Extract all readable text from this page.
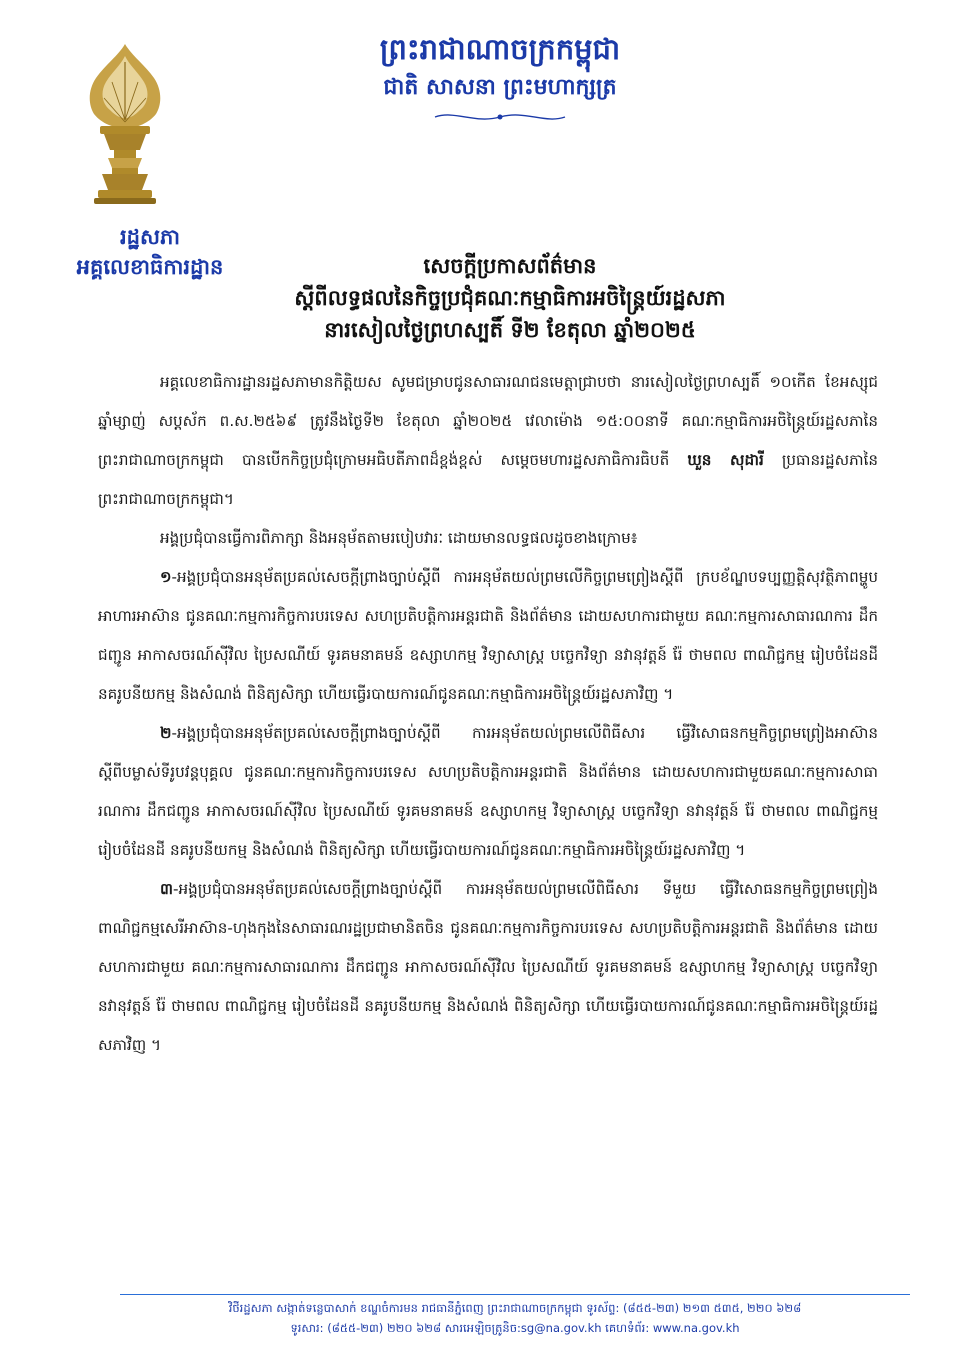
រដ្ឋសភា
អគ្គលេខាធិការដ្ឋាន
ព្រះរាជាណាចក្រកម្ពុជា
ជាតិ សាសនា ព្រះមហាក្សត្រ
សេចក្តីប្រកាសព័ត៌មាន
ស្តីពីលទ្ធផលនៃកិច្ចប្រជុំគណៈកម្មាធិការអចិន្ត្រៃយ៍រដ្ឋសភា
នារសៀលថ្ងៃព្រហស្បតិ៍ ទី២ ខែតុលា ឆ្នាំ២០២៥

អគ្គលេខាធិការដ្ឋានរដ្ឋសភាមានកិត្តិយស សូមជម្រាបជូនសាធារណជនមេត្តាជ្រាបថា នារសៀលថ្ងៃព្រហស្បតិ៍ ១០កើត ខែអស្សុជ ឆ្នាំម្សាញ់ សប្តស័ក ព.ស.២៥៦៩ ត្រូវនឹងថ្ងៃទី២ ខែតុលា ឆ្នាំ២០២៥ វេលាម៉ោង ១៥:០០នាទី គណៈកម្មាធិការអចិន្ត្រៃយ៍រដ្ឋសភានៃព្រះរាជាណាចក្រកម្ពុជា បានបើកកិច្ចប្រជុំក្រោមអធិបតីភាពដ៏ខ្ពង់ខ្ពស់ សម្តេចមហារដ្ឋសភាធិការធិបតី ឃួន សុដារី ប្រធានរដ្ឋសភានៃព្រះរាជាណាចក្រកម្ពុជា។

អង្គប្រជុំបានធ្វើការពិភាក្សា និងអនុម័តតាមរបៀបវារៈ ដោយមានលទ្ធផលដូចខាងក្រោម៖

១-អង្គប្រជុំបានអនុម័តប្រគល់សេចក្តីព្រាងច្បាប់ស្តីពី ការអនុម័តយល់ព្រមលើកិច្ចព្រមព្រៀងស្តីពី ក្របខ័ណ្ឌបទប្បញ្ញត្តិសុវត្ថិភាពម្ហូបអាហារអាស៊ាន ជូនគណៈកម្មការកិច្ចការបរទេស សហប្រតិបត្តិការអន្តរជាតិ និងព័ត៌មាន ដោយសហការជាមួយ គណៈកម្មការសាធារណការ ដឹកជញ្ជូន អាកាសចរណ៍ស៊ីវិល ប្រៃសណីយ៍ ទូរគមនាគមន៍ ឧស្សាហកម្ម វិទ្យាសាស្ត្រ បច្ចេកវិទ្យា នវានុវត្តន៍ រ៉ែ ថាមពល ពាណិជ្ជកម្ម រៀបចំដែនដី នគរូបនីយកម្ម និងសំណង់ ពិនិត្យសិក្សា ហើយធ្វើរបាយការណ៍ជូនគណៈកម្មាធិការអចិន្ត្រៃយ៍រដ្ឋសភាវិញ ។

២-អង្គប្រជុំបានអនុម័តប្រគល់សេចក្តីព្រាងច្បាប់ស្តីពី ការអនុម័តយល់ព្រមលើពិធីសារ ធ្វើវិសោធនកម្មកិច្ចព្រមព្រៀងអាស៊ានស្តីពីបម្លាស់ទីរូបវន្តបុគ្គល ជូនគណៈកម្មការកិច្ចការបរទេស សហប្រតិបត្តិការអន្តរជាតិ និងព័ត៌មាន ដោយសហការជាមួយគណៈកម្មការសាធារណការ ដឹកជញ្ជូន អាកាសចរណ៍ស៊ីវិល ប្រៃសណីយ៍ ទូរគមនាគមន៍ ឧស្សាហកម្ម វិទ្យាសាស្ត្រ បច្ចេកវិទ្យា នវានុវត្តន៍ រ៉ែ ថាមពល ពាណិជ្ជកម្ម រៀបចំដែនដី នគរូបនីយកម្ម និងសំណង់ ពិនិត្យសិក្សា ហើយធ្វើរបាយការណ៍ជូនគណៈកម្មាធិការអចិន្ត្រៃយ៍រដ្ឋសភាវិញ ។

៣-អង្គប្រជុំបានអនុម័តប្រគល់សេចក្តីព្រាងច្បាប់ស្តីពី ការអនុម័តយល់ព្រមលើពិធីសារ ទីមួយ ធ្វើវិសោធនកម្មកិច្ចព្រមព្រៀងពាណិជ្ជកម្មសេរីអាស៊ាន-ហុងកុងនៃសាធារណរដ្ឋប្រជាមានិតចិន ជូនគណៈកម្មការកិច្ចការបរទេស សហប្រតិបត្តិការអន្តរជាតិ និងព័ត៌មាន ដោយសហការជាមួយ គណៈកម្មការសាធារណការ ដឹកជញ្ជូន អាកាសចរណ៍ស៊ីវិល ប្រៃសណីយ៍ ទូរគមនាគមន៍ ឧស្សាហកម្ម វិទ្យាសាស្ត្រ បច្ចេកវិទ្យា នវានុវត្តន៍ រ៉ែ ថាមពល ពាណិជ្ជកម្ម រៀបចំដែនដី នគរូបនីយកម្ម និងសំណង់ ពិនិត្យសិក្សា ហើយធ្វើរបាយការណ៍ជូនគណៈកម្មាធិការអចិន្ត្រៃយ៍រដ្ឋសភាវិញ ។

វិថីរដ្ឋសភា សង្កាត់ទន្លេបាសាក់ ខណ្ឌចំការមន រាជធានីភ្នំពេញ ព្រះរាជាណាចក្រកម្ពុជា ទូរស័ព្ទ: (៨៥៥-២៣) ២១៣ ៥៣៥, ២២០ ៦២៨
ទូរសារ: (៨៥៥-២៣) ២២០ ៦២៨ សារអេឡិចត្រូនិច:sg@na.gov.kh គេហទំព័រ: www.na.gov.kh
